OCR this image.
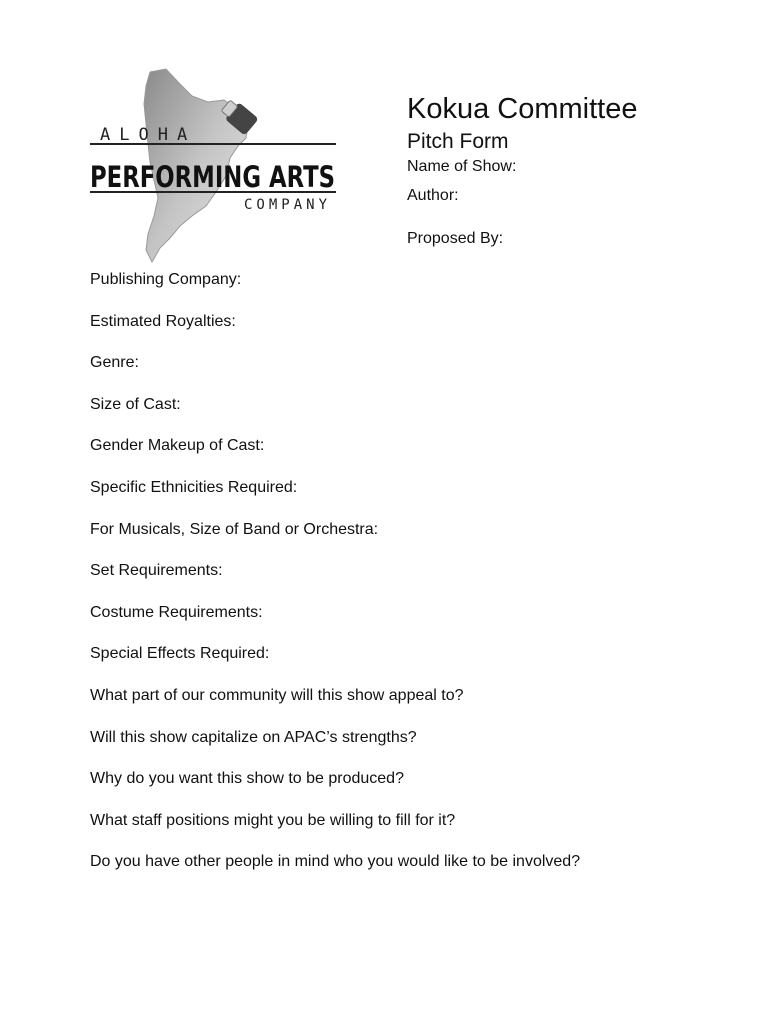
ALOHA
PERFORMING ARTS
COMPANY
Kokua Committee
Pitch Form
Name of Show:
Author:
Proposed By:
Publishing Company:
Estimated Royalties:
Genre:
Size of Cast:
Gender Makeup of Cast:
Specific Ethnicities Required:
For Musicals, Size of Band or Orchestra:
Set Requirements:
Costume Requirements:
Special Effects Required:
What part of our community will this show appeal to?
Will this show capitalize on APAC’s strengths?
Why do you want this show to be produced?
What staff positions might you be willing to fill for it?
Do you have other people in mind who you would like to be involved?
